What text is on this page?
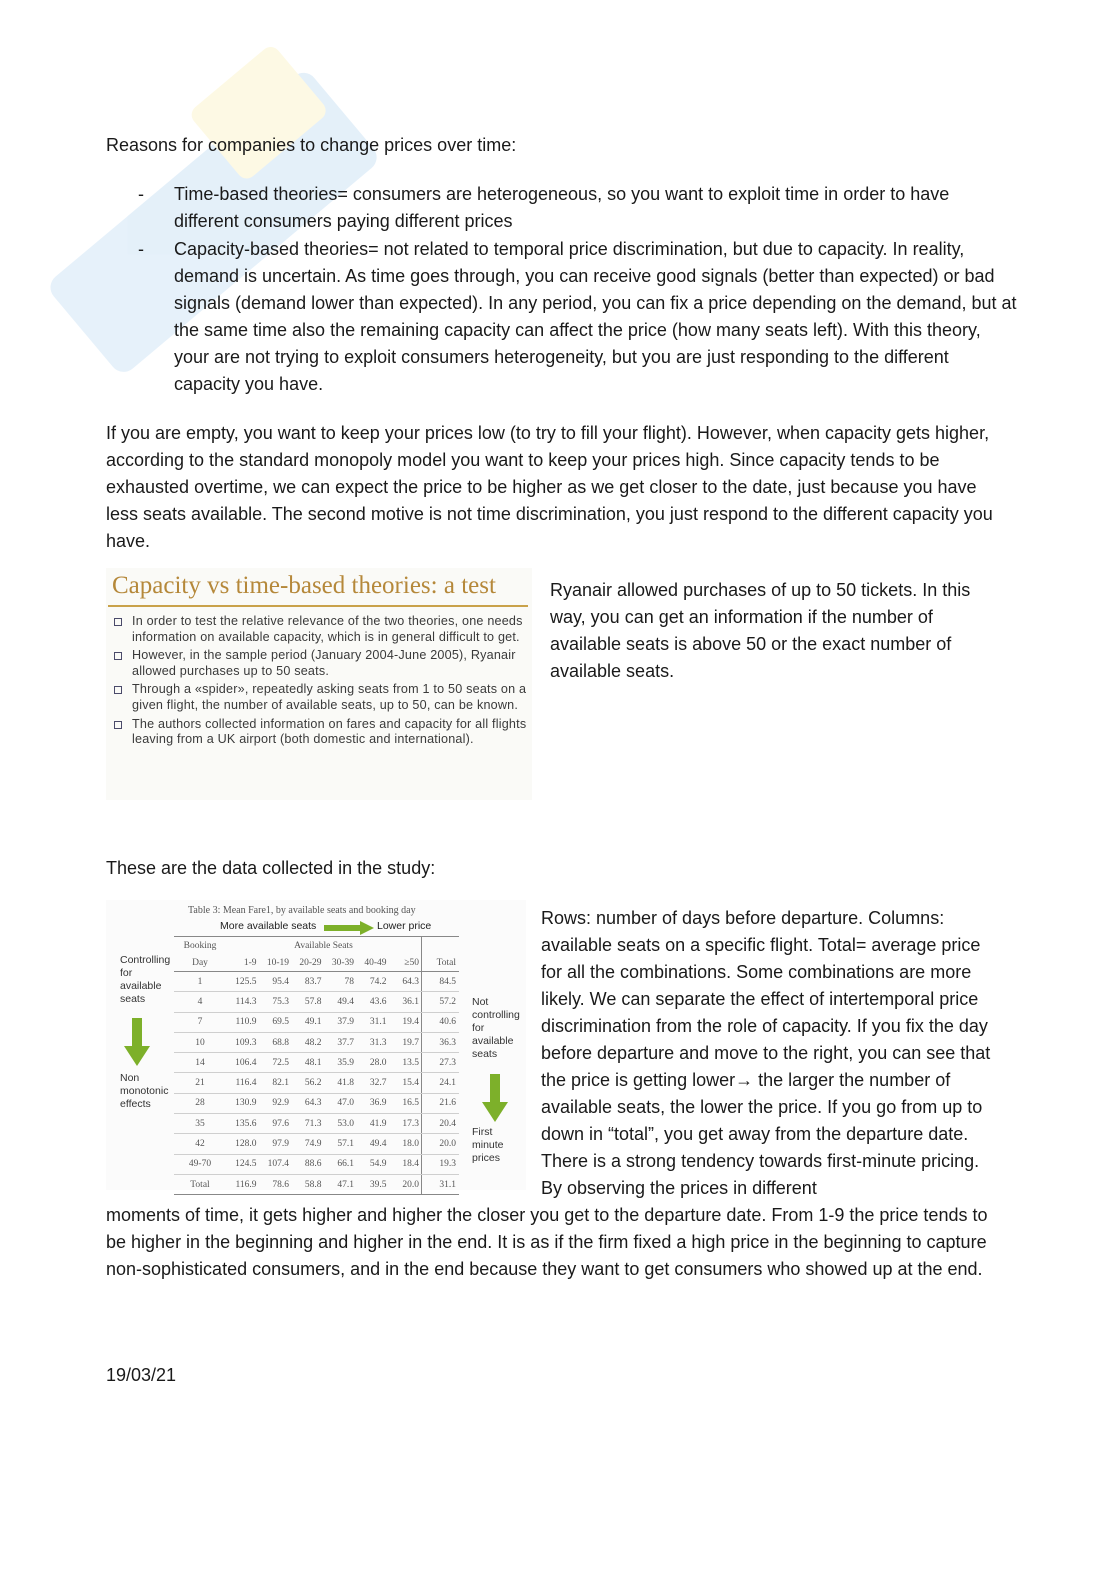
Reasons for companies to change prices over time:

- Time-based theories= consumers are heterogeneous, so you want to exploit time in order to have different consumers paying different prices
- Capacity-based theories= not related to temporal price discrimination, but due to capacity. In reality, demand is uncertain. As time goes through, you can receive good signals (better than expected) or bad signals (demand lower than expected). In any period, you can fix a price depending on the demand, but at the same time also the remaining capacity can affect the price (how many seats left). With this theory, your are not trying to exploit consumers heterogeneity, but you are just responding to the different capacity you have.

If you are empty, you want to keep your prices low (to try to fill your flight). However, when capacity gets higher, according to the standard monopoly model you want to keep your prices high. Since capacity tends to be exhausted overtime, we can expect the price to be higher as we get closer to the date, just because you have less seats available. The second motive is not time discrimination, you just respond to the different capacity you have.

Capacity vs time-based theories: a test
In order to test the relative relevance of the two theories, one needs information on available capacity, which is in general difficult to get.
However, in the sample period (January 2004-June 2005), Ryanair allowed purchases up to 50 seats.
Through a «spider», repeatedly asking seats from 1 to 50 seats on a given flight, the number of available seats, up to 50, can be known.
The authors collected information on fares and capacity for all flights leaving from a UK airport (both domestic and international).

Ryanair allowed purchases of up to 50 tickets. In this way, you can get an information if the number of available seats is above 50 or the exact number of available seats.

These are the data collected in the study:

Table 3: Mean Fare1, by available seats and booking day
More available seats	Lower price
Controlling for available seats
Non monotonic effects
Not controlling for available seats
First minute prices
Booking	Available Seats						
Day	1-9	10-19	20-29	30-39	40-49	≥50	Total
1	125.5	95.4	83.7	78	74.2	64.3	84.5
4	114.3	75.3	57.8	49.4	43.6	36.1	57.2
7	110.9	69.5	49.1	37.9	31.1	19.4	40.6
10	109.3	68.8	48.2	37.7	31.3	19.7	36.3
14	106.4	72.5	48.1	35.9	28.0	13.5	27.3
21	116.4	82.1	56.2	41.8	32.7	15.4	24.1
28	130.9	92.9	64.3	47.0	36.9	16.5	21.6
35	135.6	97.6	71.3	53.0	41.9	17.3	20.4
42	128.0	97.9	74.9	57.1	49.4	18.0	20.0
49-70	124.5	107.4	88.6	66.1	54.9	18.4	19.3
Total	116.9	78.6	58.8	47.1	39.5	20.0	31.1
Rows: number of days before departure. Columns: available seats on a specific flight. Total= average price for all the combinations. Some combinations are more likely. We can separate the effect of intertemporal price discrimination from the role of capacity. If you fix the day before departure and move to the right, you can see that the price is getting lower→ the larger the number of available seats, the lower the price. If you go from up to down in “total”, you get away from the departure date. There is a strong tendency towards first-minute pricing. By observing the prices in different

moments of time, it gets higher and higher the closer you get to the departure date. From 1-9 the price tends to be higher in the beginning and higher in the end. It is as if the firm fixed a high price in the beginning to capture non-sophisticated consumers, and in the end because they want to get consumers who showed up at the end.

19/03/21
